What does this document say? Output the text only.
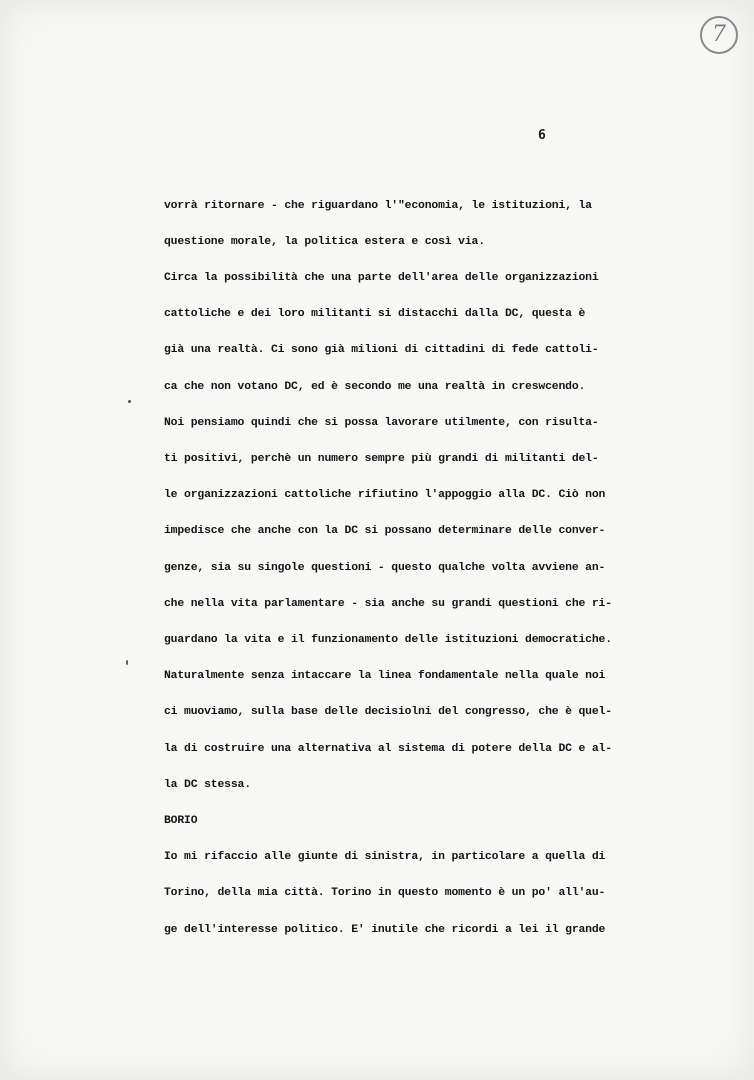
7
6
vorrà ritornare - che riguardano l'"economia, le istituzioni, la
questione morale, la politica estera e così via.
Circa la possibilità che una parte dell'area delle organizzazioni
cattoliche e dei loro militanti si distacchi dalla DC, questa è
già una realtà. Ci sono già milioni di cittadini di fede cattoli-
ca che non votano DC, ed è secondo me una realtà in creswcendo.
Noi pensiamo quindi che si possa lavorare utilmente, con risulta-
ti positivi, perchè un numero sempre più grandi di militanti del-
le organizzazioni cattoliche rifiutino l'appoggio alla DC. Ciò non
impedisce che anche con la DC si possano determinare delle conver-
genze, sia su singole questioni - questo qualche volta avviene an-
che nella vita parlamentare - sia anche su grandi questioni che ri-
guardano la vita e il funzionamento delle istituzioni democratiche.
Naturalmente senza intaccare la linea fondamentale nella quale noi
ci muoviamo, sulla base delle decisiolni del congresso, che è quel-
la di costruire una alternativa al sistema di potere della DC e al-
la DC stessa.
BORIO
Io mi rifaccio alle giunte di sinistra, in particolare a quella di
Torino, della mia città. Torino in questo momento è un po' all'au-
ge dell'interesse politico. E' inutile che ricordi a lei il grande
